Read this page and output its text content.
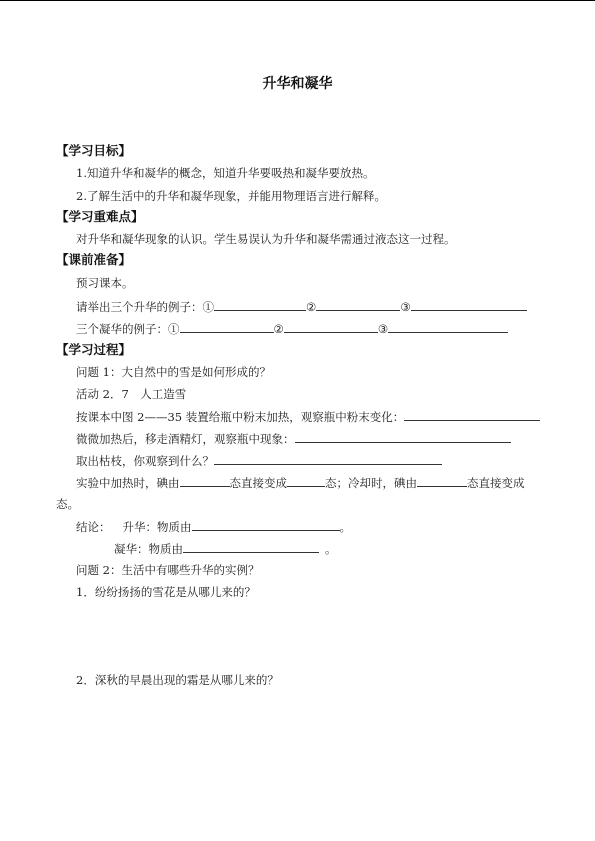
升华和凝华
【学习目标】
1.知道升华和凝华的概念，知道升华要吸热和凝华要放热。
2.了解生活中的升华和凝华现象，并能用物理语言进行解释。
【学习重难点】
对升华和凝华现象的认识。学生易误认为升华和凝华需通过液态这一过程。
【课前准备】
预习课本。
请举出三个升华的例子：①	②	③
三个凝华的例子：①	②	③
【学习过程】
问题 1：大自然中的雪是如何形成的？
活动 2．7　人工造雪
按课本中图 2——35 装置给瓶中粉末加热，观察瓶中粉末变化：
微微加热后，移走酒精灯，观察瓶中现象：
取出枯枝，你观察到什么？
实验中加热时，碘由	态直接变成	态；冷却时，碘由	态直接变成
态。
结论： 升华：物质由	。
凝华：物质由	。
问题 2：生活中有哪些升华的实例？
1．纷纷扬扬的雪花是从哪儿来的？
2．深秋的早晨出现的霜是从哪儿来的？
